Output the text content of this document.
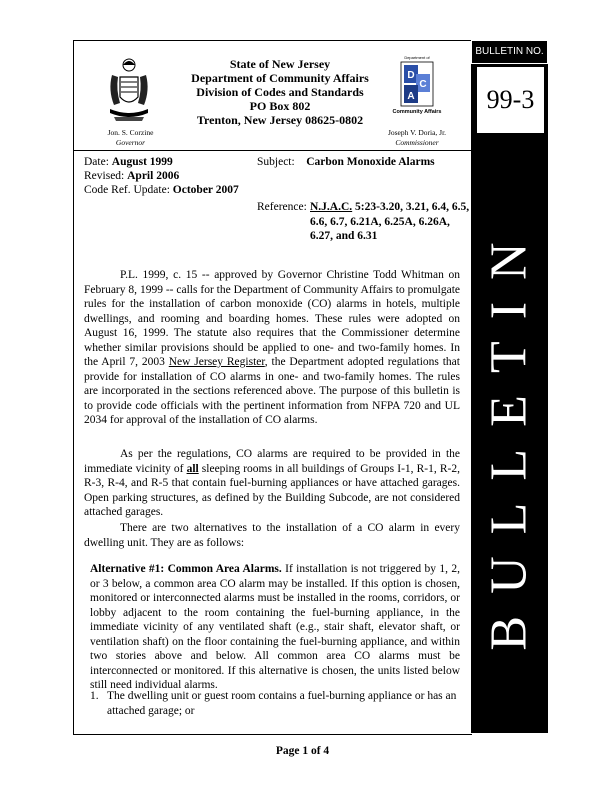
State of New Jersey
Department of Community Affairs
Division of Codes and Standards
PO Box 802
Trenton, New Jersey 08625-0802
Department of
D
C
A
Community Affairs
Jon. S. Corzine
Governor
Joseph V. Doria, Jr.
Commissioner
BULLETIN NO.
99-3
BULLETIN
Date: August 1999
Revised: April 2006
Code Ref. Update: October 2007
Subject: Carbon Monoxide Alarms
Reference: N.J.A.C. 5:23-3.20, 3.21, 6.4, 6.5, 6.6, 6.7, 6.21A, 6.25A, 6.26A, 6.27, and 6.31
P.L. 1999, c. 15 -- approved by Governor Christine Todd Whitman on February 8, 1999 -- calls for the Department of Community Affairs to promulgate rules for the installation of carbon monoxide (CO) alarms in hotels, multiple dwellings, and rooming and boarding homes. These rules were adopted on August 16, 1999. The statute also requires that the Commissioner determine whether similar provisions should be applied to one- and two-family homes. In the April 7, 2003 New Jersey Register, the Department adopted regulations that provide for installation of CO alarms in one- and two-family homes. The rules are incorporated in the sections referenced above. The purpose of this bulletin is to provide code officials with the pertinent information from NFPA 720 and UL 2034 for approval of the installation of CO alarms.
As per the regulations, CO alarms are required to be provided in the immediate vicinity of all sleeping rooms in all buildings of Groups I-1, R-1, R-2, R-3, R-4, and R-5 that contain fuel-burning appliances or have attached garages. Open parking structures, as defined by the Building Subcode, are not considered attached garages.
There are two alternatives to the installation of a CO alarm in every dwelling unit. They are as follows:
Alternative #1: Common Area Alarms. If installation is not triggered by 1, 2, or 3 below, a common area CO alarm may be installed. If this option is chosen, monitored or interconnected alarms must be installed in the rooms, corridors, or lobby adjacent to the room containing the fuel-burning appliance, in the immediate vicinity of any ventilated shaft (e.g., stair shaft, elevator shaft, or ventilation shaft) on the floor containing the fuel-burning appliance, and within two stories above and below. All common area CO alarms must be interconnected or monitored. If this alternative is chosen, the units listed below still need individual alarms.
1. The dwelling unit or guest room contains a fuel-burning appliance or has an attached garage; or
Page 1 of 4
